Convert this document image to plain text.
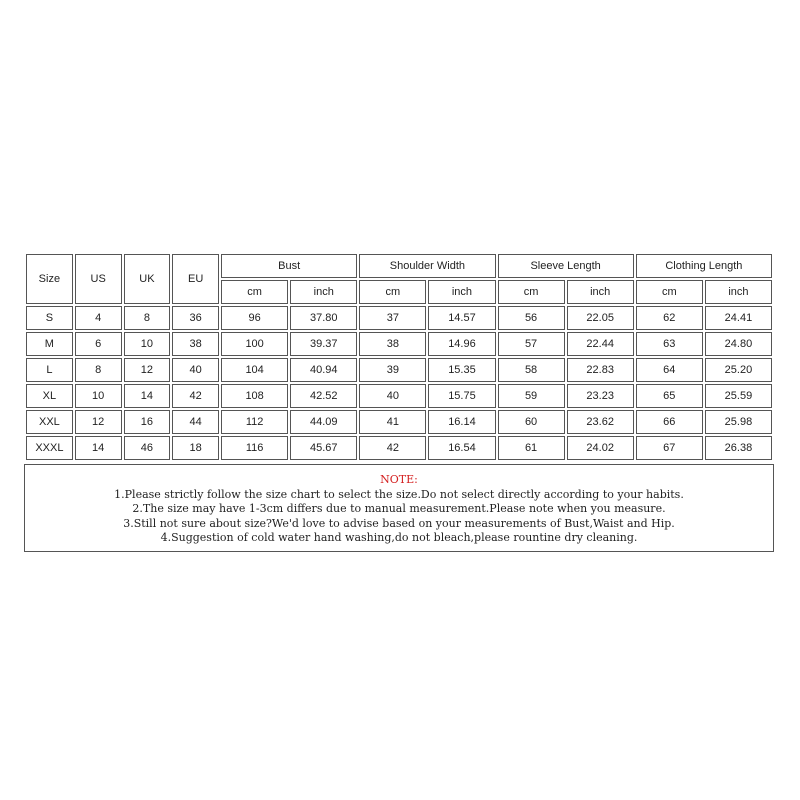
Size	US	UK	EU	Bust		Shoulder Width		Sleeve Length		Clothing Length	
				cm	inch	cm	inch	cm	inch	cm	inch
S	4	8	36	96	37.80	37	14.57	56	22.05	62	24.41
M	6	10	38	100	39.37	38	14.96	57	22.44	63	24.80
L	8	12	40	104	40.94	39	15.35	58	22.83	64	25.20
XL	10	14	42	108	42.52	40	15.75	59	23.23	65	25.59
XXL	12	16	44	112	44.09	41	16.14	60	23.62	66	25.98
XXXL	14	46	18	116	45.67	42	16.54	61	24.02	67	26.38
NOTE:
1.Please strictly follow the size chart to select the size.Do not select directly according to your habits.
2.The size may have 1-3cm differs due to manual measurement.Please note when you measure.
3.Still not sure about size?We'd love to advise based on your measurements of Bust,Waist and Hip.
4.Suggestion of cold water hand washing,do not bleach,please rountine dry cleaning.
